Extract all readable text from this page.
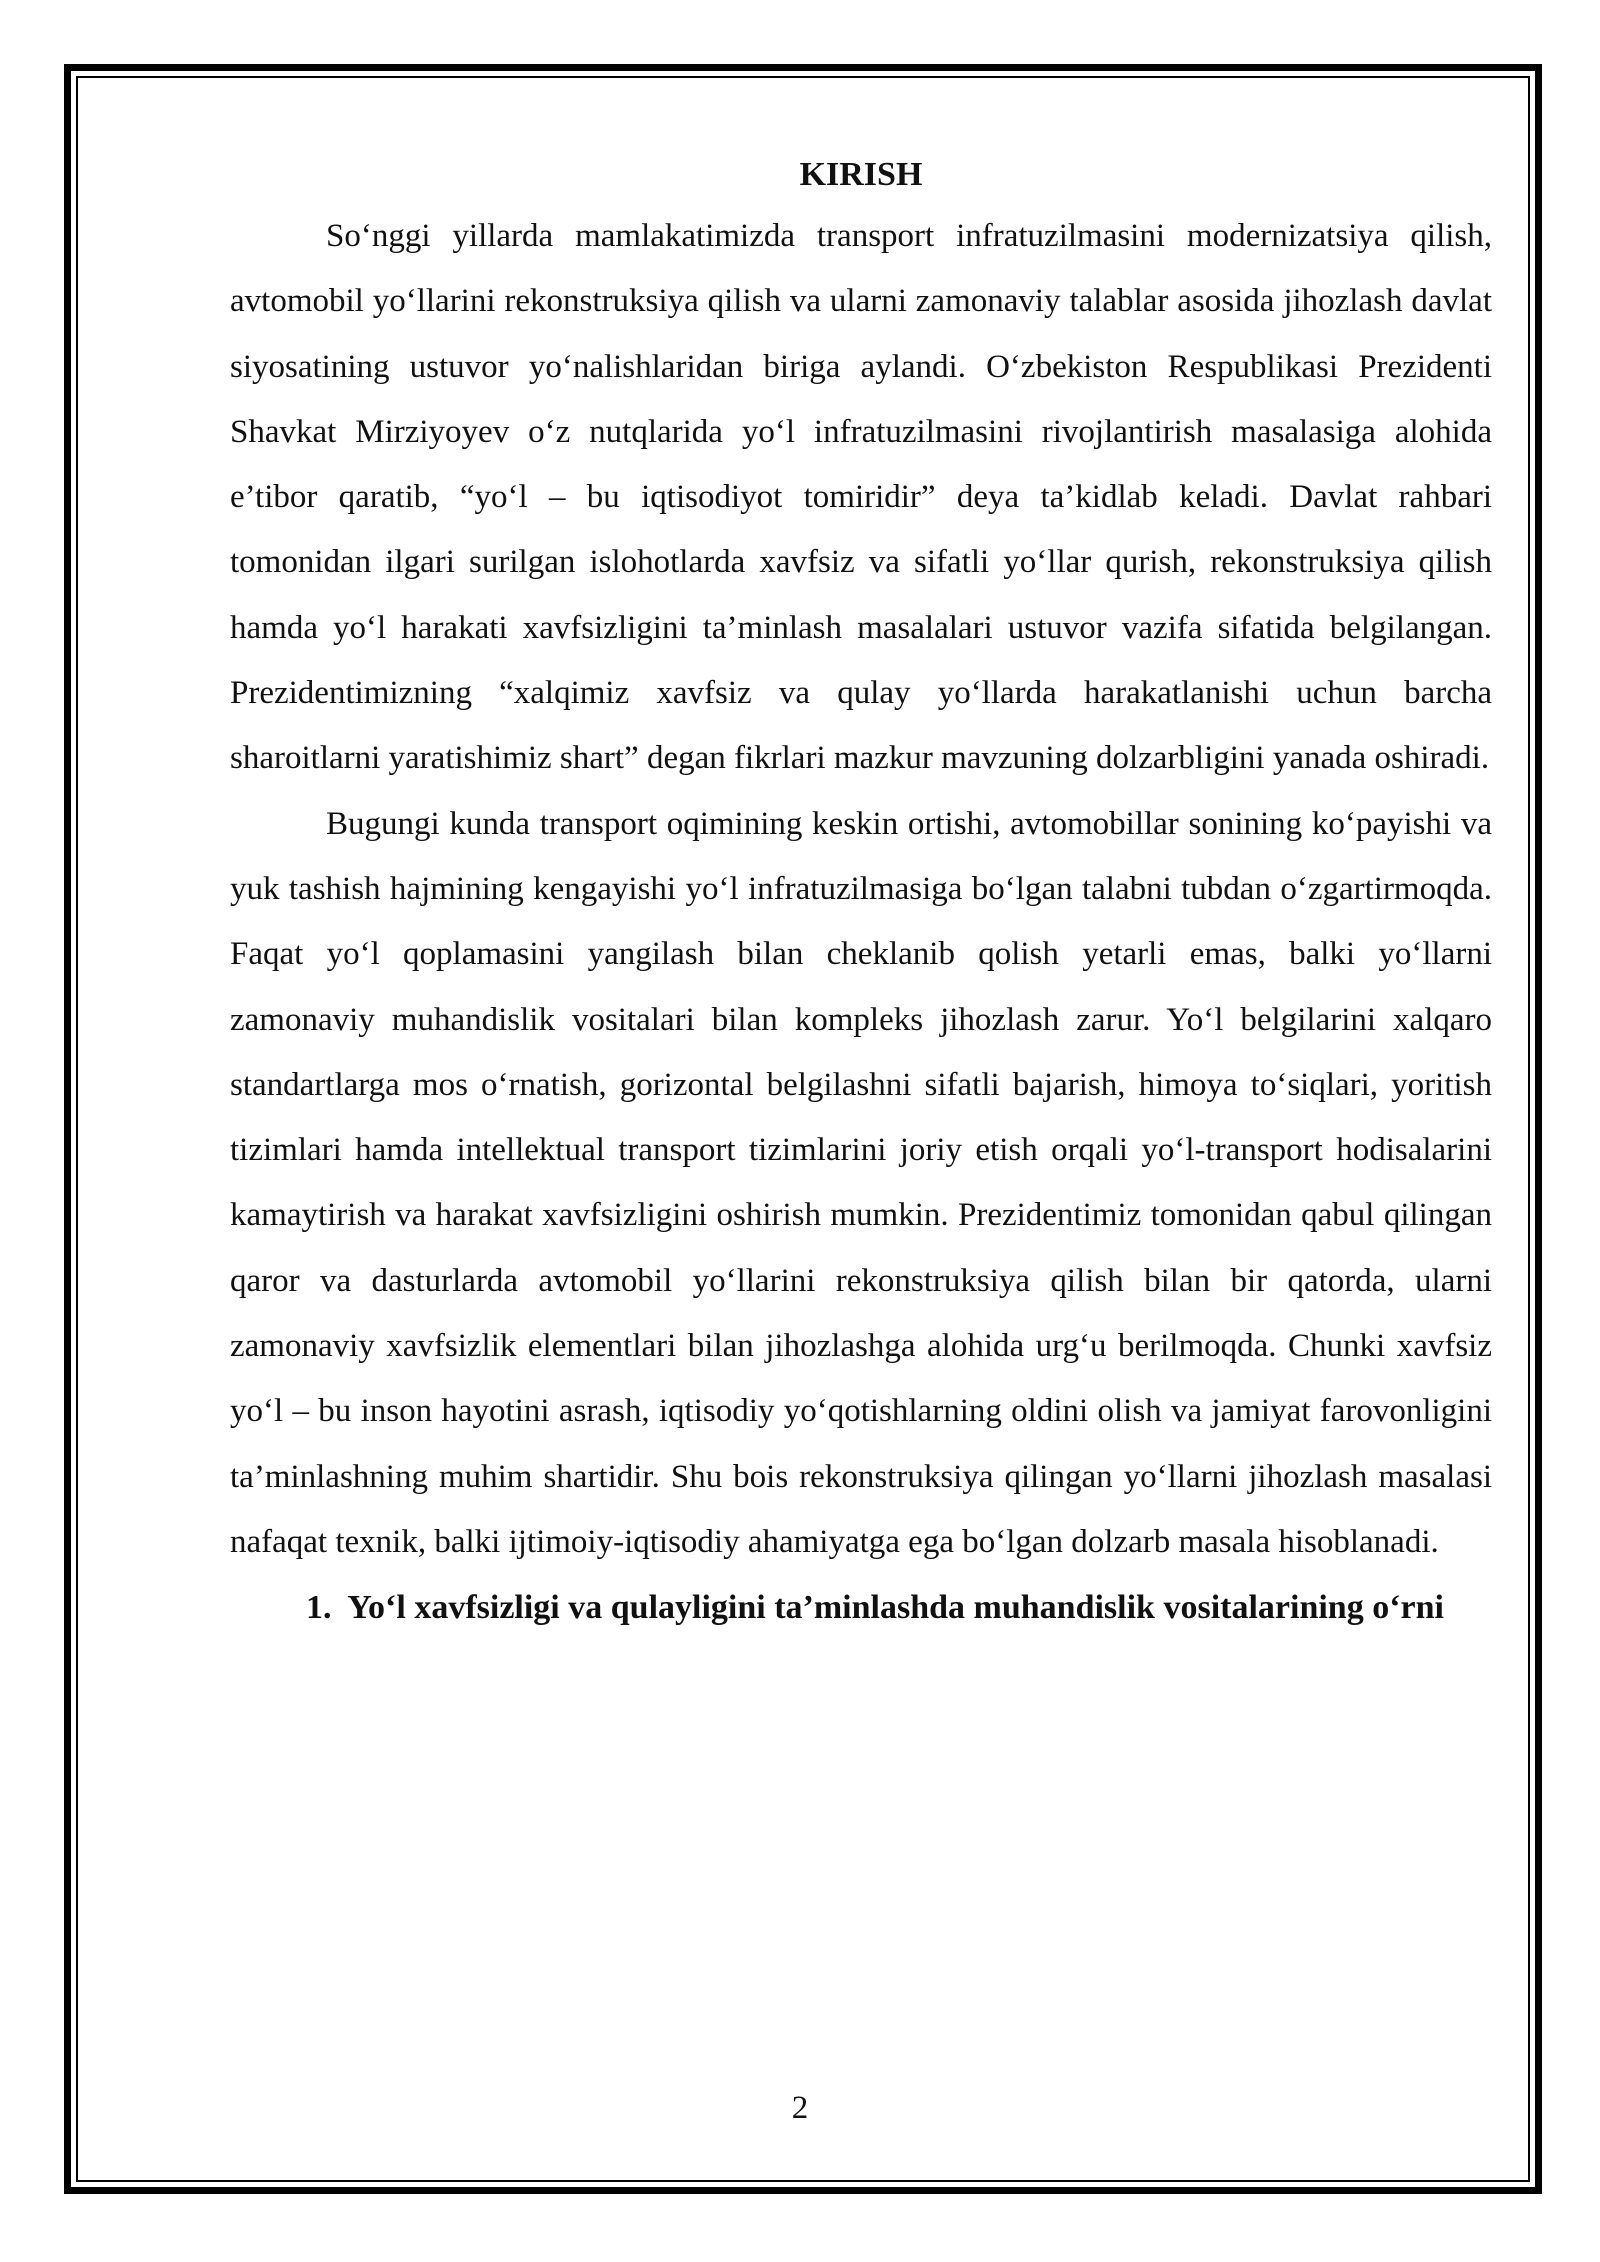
KIRISH

So‘nggi yillarda mamlakatimizda transport infratuzilmasini modernizatsiya qilish, avtomobil yo‘llarini rekonstruksiya qilish va ularni zamonaviy talablar asosida jihozlash davlat siyosatining ustuvor yo‘nalishlaridan biriga aylandi. O‘zbekiston Respublikasi Prezidenti Shavkat Mirziyoyev o‘z nutqlarida yo‘l infratuzilmasini rivojlantirish masalasiga alohida e’tibor qaratib, “yo‘l – bu iqtisodiyot tomiridir” deya ta’kidlab keladi. Davlat rahbari tomonidan ilgari surilgan islohotlarda xavfsiz va sifatli yo‘llar qurish, rekonstruksiya qilish hamda yo‘l harakati xavfsizligini ta’minlash masalalari ustuvor vazifa sifatida belgilangan. Prezidentimizning “xalqimiz xavfsiz va qulay yo‘llarda harakatlanishi uchun barcha sharoitlarni yaratishimiz shart” degan fikrlari mazkur mavzuning dolzarbligini yanada oshiradi.

Bugungi kunda transport oqimining keskin ortishi, avtomobillar sonining ko‘payishi va yuk tashish hajmining kengayishi yo‘l infratuzilmasiga bo‘lgan talabni tubdan o‘zgartirmoqda. Faqat yo‘l qoplamasini yangilash bilan cheklanib qolish yetarli emas, balki yo‘llarni zamonaviy muhandislik vositalari bilan kompleks jihozlash zarur. Yo‘l belgilarini xalqaro standartlarga mos o‘rnatish, gorizontal belgilashni sifatli bajarish, himoya to‘siqlari, yoritish tizimlari hamda intellektual transport tizimlarini joriy etish orqali yo‘l-transport hodisalarini kamaytirish va harakat xavfsizligini oshirish mumkin. Prezidentimiz tomonidan qabul qilingan qaror va dasturlarda avtomobil yo‘llarini rekonstruksiya qilish bilan bir qatorda, ularni zamonaviy xavfsizlik elementlari bilan jihozlashga alohida urg‘u berilmoqda. Chunki xavfsiz yo‘l – bu inson hayotini asrash, iqtisodiy yo‘qotishlarning oldini olish va jamiyat farovonligini ta’minlashning muhim shartidir. Shu bois rekonstruksiya qilingan yo‘llarni jihozlash masalasi nafaqat texnik, balki ijtimoiy-iqtisodiy ahamiyatga ega bo‘lgan dolzarb masala hisoblanadi.

1. Yo‘l xavfsizligi va qulayligini ta’minlashda muhandislik vositalarining o‘rni
2
